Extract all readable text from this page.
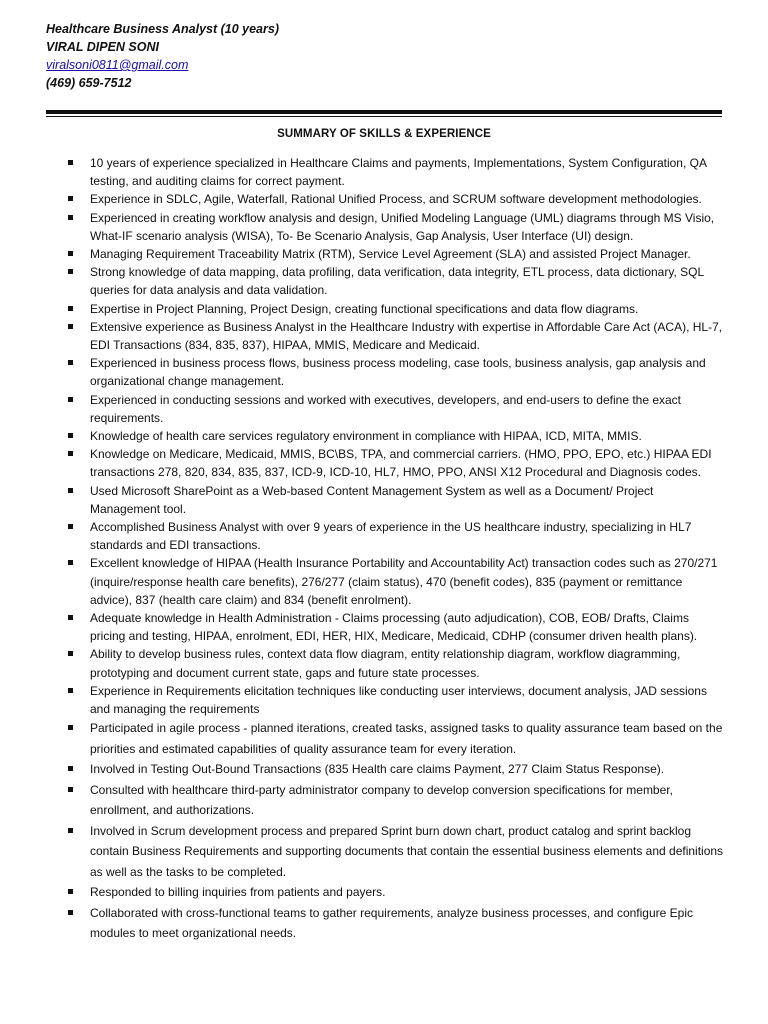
Healthcare Business Analyst (10 years)
VIRAL DIPEN SONI
viralsoni0811@gmail.com
(469) 659-7512
SUMMARY OF SKILLS & EXPERIENCE
10 years of experience specialized in Healthcare Claims and payments, Implementations, System Configuration, QA testing, and auditing claims for correct payment.
Experience in SDLC, Agile, Waterfall, Rational Unified Process, and SCRUM software development methodologies.
Experienced in creating workflow analysis and design, Unified Modeling Language (UML) diagrams through MS Visio, What-IF scenario analysis (WISA), To- Be Scenario Analysis, Gap Analysis, User Interface (UI) design.
Managing Requirement Traceability Matrix (RTM), Service Level Agreement (SLA) and assisted Project Manager.
Strong knowledge of data mapping, data profiling, data verification, data integrity, ETL process, data dictionary, SQL queries for data analysis and data validation.
Expertise in Project Planning, Project Design, creating functional specifications and data flow diagrams.
Extensive experience as Business Analyst in the Healthcare Industry with expertise in Affordable Care Act (ACA), HL-7, EDI Transactions (834, 835, 837), HIPAA, MMIS, Medicare and Medicaid.
Experienced in business process flows, business process modeling, case tools, business analysis, gap analysis and organizational change management.
Experienced in conducting sessions and worked with executives, developers, and end-users to define the exact requirements.
Knowledge of health care services regulatory environment in compliance with HIPAA, ICD, MITA, MMIS.
Knowledge on Medicare, Medicaid, MMIS, BC\BS, TPA, and commercial carriers. (HMO, PPO, EPO, etc.) HIPAA EDI transactions 278, 820, 834, 835, 837, ICD-9, ICD-10, HL7, HMO, PPO, ANSI X12 Procedural and Diagnosis codes.
Used Microsoft SharePoint as a Web-based Content Management System as well as a Document/ Project Management tool.
Accomplished Business Analyst with over 9 years of experience in the US healthcare industry, specializing in HL7 standards and EDI transactions.
Excellent knowledge of HIPAA (Health Insurance Portability and Accountability Act) transaction codes such as 270/271 (inquire/response health care benefits), 276/277 (claim status), 470 (benefit codes), 835 (payment or remittance advice), 837 (health care claim) and 834 (benefit enrolment).
Adequate knowledge in Health Administration - Claims processing (auto adjudication), COB, EOB/ Drafts, Claims pricing and testing, HIPAA, enrolment, EDI, HER, HIX, Medicare, Medicaid, CDHP (consumer driven health plans).
Ability to develop business rules, context data flow diagram, entity relationship diagram, workflow diagramming, prototyping and document current state, gaps and future state processes.
Experience in Requirements elicitation techniques like conducting user interviews, document analysis, JAD sessions and managing the requirements
Participated in agile process - planned iterations, created tasks, assigned tasks to quality assurance team based on the priorities and estimated capabilities of quality assurance team for every iteration.
Involved in Testing Out-Bound Transactions (835 Health care claims Payment, 277 Claim Status Response).
Consulted with healthcare third-party administrator company to develop conversion specifications for member, enrollment, and authorizations.
Involved in Scrum development process and prepared Sprint burn down chart, product catalog and sprint backlog contain Business Requirements and supporting documents that contain the essential business elements and definitions as well as the tasks to be completed.
Responded to billing inquiries from patients and payers.
Collaborated with cross-functional teams to gather requirements, analyze business processes, and configure Epic modules to meet organizational needs.
